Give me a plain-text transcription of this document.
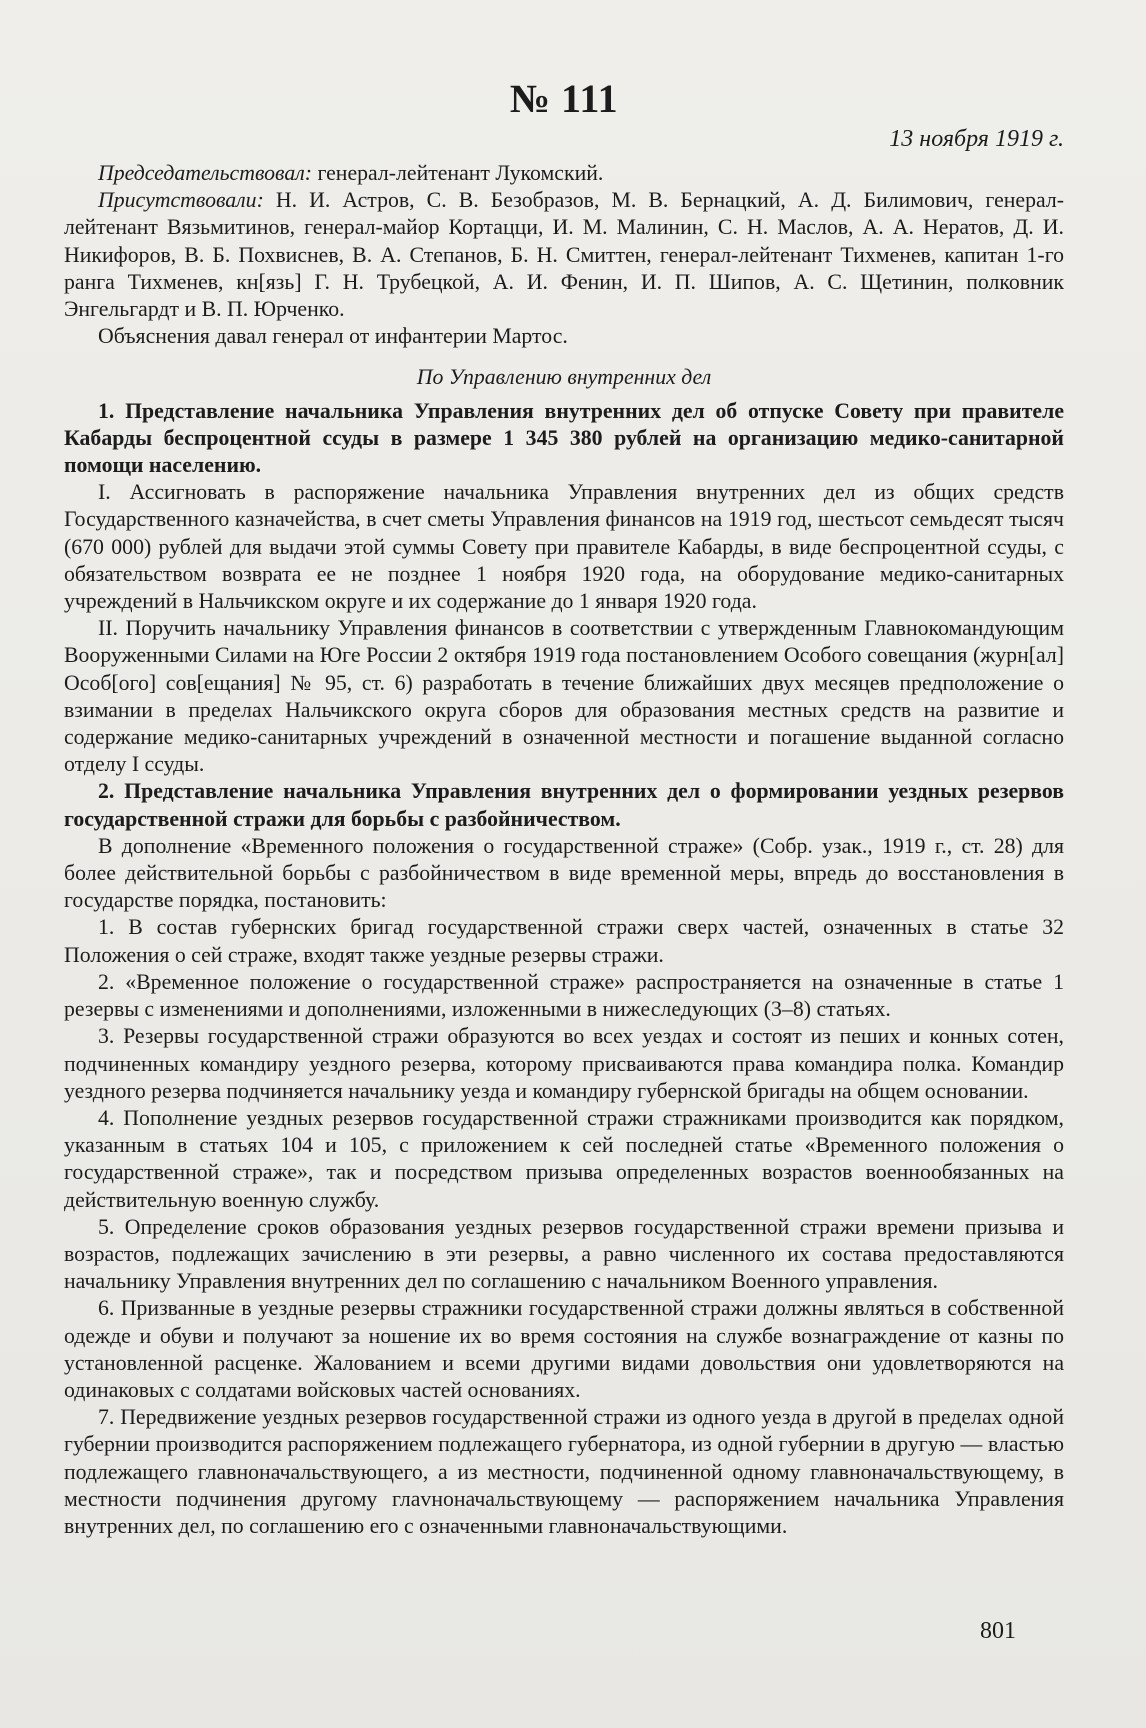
№ 111
13 ноября 1919 г.

Председательствовал: генерал-лейтенант Лукомский.

Присутствовали: Н. И. Астров, С. В. Безобразов, М. В. Бернацкий, А. Д. Билимович, генерал-лейтенант Вязьмитинов, генерал-майор Кортацци, И. М. Малинин, С. Н. Маслов, А. А. Нератов, Д. И. Никифоров, В. Б. Похвиснев, В. А. Степанов, Б. Н. Смиттен, генерал-лейтенант Тихменев, капитан 1-го ранга Тихменев, кн[язь] Г. Н. Трубецкой, А. И. Фенин, И. П. Шипов, А. С. Щетинин, полковник Энгельгардт и В. П. Юрченко.

Объяснения давал генерал от инфантерии Мартос.

По Управлению внутренних дел

1. Представление начальника Управления внутренних дел об отпуске Совету при правителе Кабарды беспроцентной ссуды в размере 1 345 380 рублей на организацию медико-санитарной помощи населению.

I. Ассигновать в распоряжение начальника Управления внутренних дел из общих средств Государственного казначейства, в счет сметы Управления финансов на 1919 год, шестьсот семьдесят тысяч (670 000) рублей для выдачи этой суммы Совету при правителе Кабарды, в виде беспроцентной ссуды, с обязательством возврата ее не позднее 1 ноября 1920 года, на оборудование медико-санитарных учреждений в Нальчикском округе и их содержание до 1 января 1920 года.

II. Поручить начальнику Управления финансов в соответствии с утвержденным Главнокомандующим Вооруженными Силами на Юге России 2 октября 1919 года постановлением Особого совещания (журн[ал] Особ[ого] сов[ещания] № 95, ст. 6) разработать в течение ближайших двух месяцев предположение о взимании в пределах Нальчикского округа сборов для образования местных средств на развитие и содержание медико-санитарных учреждений в означенной местности и погашение выданной согласно отделу I ссуды.

2. Представление начальника Управления внутренних дел о формировании уездных резервов государственной стражи для борьбы с разбойничеством.

В дополнение «Временного положения о государственной страже» (Собр. узак., 1919 г., ст. 28) для более действительной борьбы с разбойничеством в виде временной меры, впредь до восстановления в государстве порядка, постановить:

1. В состав губернских бригад государственной стражи сверх частей, означенных в статье 32 Положения о сей страже, входят также уездные резервы стражи.

2. «Временное положение о государственной страже» распространяется на означенные в статье 1 резервы с изменениями и дополнениями, изложенными в нижеследующих (3–8) статьях.

3. Резервы государственной стражи образуются во всех уездах и состоят из пеших и конных сотен, подчиненных командиру уездного резерва, которому присваиваются права командира полка. Командир уездного резерва подчиняется начальнику уезда и командиру губернской бригады на общем основании.

4. Пополнение уездных резервов государственной стражи стражниками производится как порядком, указанным в статьях 104 и 105, с приложением к сей последней статье «Временного положения о государственной страже», так и посредством призыва определенных возрастов военнообязанных на действительную военную службу.

5. Определение сроков образования уездных резервов государственной стражи времени призыва и возрастов, подлежащих зачислению в эти резервы, а равно численного их состава предоставляются начальнику Управления внутренних дел по соглашению с начальником Военного управления.

6. Призванные в уездные резервы стражники государственной стражи должны являться в собственной одежде и обуви и получают за ношение их во время состояния на службе вознаграждение от казны по установленной расценке. Жалованием и всеми другими видами довольствия они удовлетворяются на одинаковых с солдатами войсковых частей основаниях.

7. Передвижение уездных резервов государственной стражи из одного уезда в другой в пределах одной губернии производится распоряжением подлежащего губернатора, из одной губернии в другую — властью подлежащего главноначальствующего, а из местности, подчиненной одному главноначальствующему, в местности подчинения другому глаvноначальствующему — распоряжением начальника Управления внутренних дел, по соглашению его с означенными главноначальствующими.

801
